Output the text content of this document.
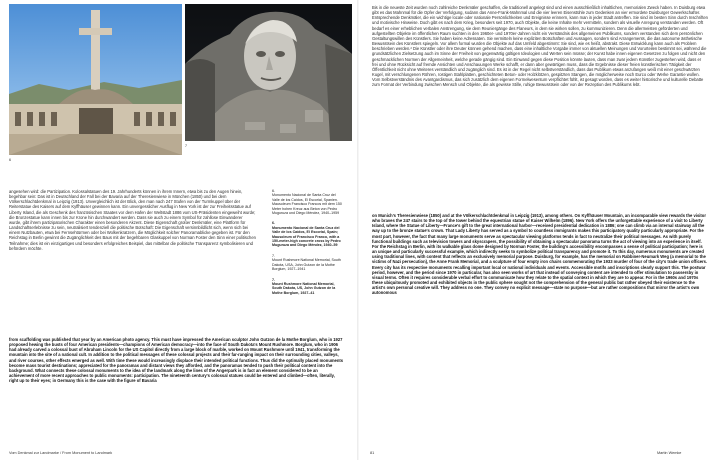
6
7

angesehen wird: die Partizipation. Kolossalstatuen des 19. Jahrhunderts können in ihrem Innern, etwa bis zu den Augen hinein, begehbar sein: Das ist in Deutschland der Fall bei der Bavaria auf der Theresienwiese in München (1850) und bei dem Völkerschlachtdenkmal in Leipzig (1913). Unvergleichlich ist der Blick, den man nach 247 Stufen von der Turmkuppel über der Reiterstatue des Kaisers auf dem Kyffhäuser gewinnen kann. Ein unvergesslicher Ausflug in New York ist der zur Freiheitsstatue auf Liberty Island, die als Geschenk des französischen Staates vor dem Hafen der Weltstadt 1886 vom US-Präsidenten eingeweiht wurde; die Bronzestatue kann innen bis zur Krone hin durchwandert werden. Dass sie auch zu einem Symbol für zahllose Einwanderer wurde, gibt ihrem partizipatorischen Charakter einen besonderen Akzent. Diese Eigenschaft großer Denkmäler, eine Plattform für Landschaftserlebnisse zu sein, neutralisiert tendenziell die politische Botschaft: Die Eigenschaft versinnbildlicht sich, wenn sich bei einem Nutzbauten, etwa bei Fernsehtürmen oder bei Wolkenkratzern, die Möglichkeit solcher Panoramablicke gegeben ist. Für den Reichstag in Berlin gewinnt die Zugänglichkeit des Baus mit der begehbaren Glaskuppel von Norman Foster den Sinn einer politischen Teilnahme; dies ist ein einzigartiges und besonders erfolgreiches Beispiel, das mittelbar die politische Transparenz symbolisieren und befördern möchte.

6.
Monumento Nacional de Santa Cruz del Valle de los Caídos, El Escorial, Spanien. Mausoleum Francisco Francos mit dem 150 Meter hohen Kreuz aus Beton von Pedro Muguruza und Diego Méndez, 1940–1959
6.
Monumento Nacional de Santa Cruz del Valle de los Caídos, El Escorial, Spain; Mausoleum of Francisco Franco, with a 150-meter-high concrete cross by Pedro Muguruza and Diego Méndez, 1940–59
7.
Mount Rushmore National Memorial, South Dakota, USA, John Gutzon de la Mothe Borglum, 1927–1941
7.
Mount Rushmore National Memorial, South Dakota, US, John Gutzon de la Mothe Borglum, 1927–41

from scaffolding was published that year by an American photo agency. This must have impressed the American sculptor John Gutzon de la Mothe Borglum, who in 1927 proposed hewing the busts of four American presidents—champions of American democracy—into the face of South Dakota's Mount Rushmore. Borglum, who in 1906 had already carved a colossal bust of Abraham Lincoln for the US Capitol directly from a large block of marble, worked on Mount Rushmore until 1941, transforming the mountain into the site of a national cult. In addition to the political messages of these colossal projects and their far-ranging impact on their surrounding cities, valleys, and river courses, other effects emerged as well. With time these would increasingly displace their intended political functions. Thus did the optimally placed monuments become mass tourist destinations; appreciated for the panoramas and distant views they afforded, and the panoramas tended to push their political content into the background. What connects these colossal monuments to the idea of the landmark along the lines of the Angerpark is in fact an element considered to be an achievement of more recent approaches to public monuments: participation. The nineteenth century's colossal statues could be entered and climbed—often, literally, right up to their eyes; in Germany this is the case with the figure of Bavaria

Bis in die neueste Zeit wurden noch zahlreiche Denkmäler geschaffen, die traditionell angelegt sind und einen ausschließlich inhaltlichen, memorialen Zweck haben. In Duisburg etwa gibt es das Mahnmal für die Opfer der Verfolgung, sodann das Anne-Frank-Mahnmal und die vier leeren Eisenstühle zum Gedenken an vier ermordete Duisburger Gewerkschafter. Entsprechende Denkmäler, die ein wichtige locale oder nationale Persönlichkeiten und Ereignisse erinnern, kann man in jeder Stadt antreffen. Sie sind im besten Sinn durch Inschriften und motivische Hinweise. Doch gibt es nach dem Krieg, besonders seit 1970, auch Objekte, die keine Inhalte mehr vermitteln, sondern als visuelle Anregung verstanden werden. Oft bedarf es einer erheblichen verbalen Anstrengung, sie dem Reuniergänge des Flaneurs, in dem sie wirken sollen, zu kommunizieren. Denn die allermeisten geförderten und aufgestellten Objekte im öffentlichen Raum suchten in den 1960er- und 1970er-Jahren nicht ein Verständnis des allgemeinen Publikums, sondern verstanden sich dem persönlichen Gestaltungswillen des Künstlers. Sie haben keine Adressaten. Sie vermitteln keine expliziten Botschaften und Aussagen, sondern sind Arrangements, die das autonome ästhetische Bewusstsein des Künstlers spiegeln. Vor allem formal wurden die Objekte auf das Umfeld abgestimmt: Sie sind, wie es heißt, abstrakt. Diese Entwicklung kann auch als Problem beschrieben werden.² Die Künstler oder ihre Deuter können gehend machen, dass eine inhaltliche Vorgabe immer von aktuellen Meinungen und Vorurteilen bestimmt sei, während die grundsätzlichen Zielsetzung auch im Sinne der Freiheit von gegenwärtig gültigen Ideologien und Werten sein müsse; der Kunst habe innen eigenen Gesetzen zu folgen und nicht den geschmacklichen Normen der Allgemeinheit, welche gerade gängig sind. Ein Einwand gegen diese Position könnte lauten, dass man zwar jedem Künstler zugestehen wird, dass er frei und ohne Rücksicht auf fremde Ansichten und Anschauungen Werke schafft, er dann aber gewärtigen muss, dass die Ergebnisse dieser freien künstlerischen Tätigkeit der Öffentlichkeit nicht ohne Weiteres verständlich und zugänglich sind. Es ist in der Regel nicht selbstverständlich, dass das Publikum etwas anzufangen weiß mit einer geschwärzten Kugel, mit verschlungenen Röhren, rostigen Stahlplatten, geschichteten Beton- oder Holzklötzen, gespitzten Stangen, die möglicherweise noch Eurco oder Werke Garantie wollen. Vom Selbstverständnis des Avantgardismus, das sich zusätzlich dem eigenen Formelwesentum verpflichtet fühlt, ist gesagt worden, dass es weiter historische und kulturelle Debatte zum Format der Verbindung zwischen Mensch und Objekte, die als gewisse Stille, ruhige Bewusstsein oder von der Rezeption des Publikums lebt.

on Munich's Theresienwiese (1850) and at the Völkerschlachtdenkmal in Leipzig (1913), among others. On Kyffhäuser Mountain, an incomparable view rewards the visitor who braves the 247 stairs to the top of the tower behind the equestrian statue of Kaiser Wilhelm (1896). New York offers the unforgettable experience of a visit to Liberty Island, where the Statue of Liberty—France's gift to the great international harbor—received presidential dedication in 1886; one can climb via an internal stairway all the way up to the bronze statue's crown. That Lady Liberty has served as a symbol to countless immigrants makes this participatory quality particularly appropriate. For the most part, however, the fact that many large monuments serve as spectacular viewing platforms tends in fact to neutralize their political messages. As with purely functional buildings such as television towers and skyscrapers, the possibility of obtaining a spectacular panorama turns the act of viewing into an experience in itself. For the Reichstag in Berlin, with its walkable glass dome designed by Norman Foster, the building's accessibility encompasses a sense of political participation; here is an unique and particularly successful example, which indirectly seeks to symbolize political transparency and promote it. To this day, numerous monuments are created using traditional lines, with content that reflects an exclusively memorial purpose. Duisburg, for example, has the memorial on Rabbiner-Neumark Weg (a memorial to the victims of Nazi persecution), the Anne Frank Memorial, and a sculpture of four empty iron chairs commemorating the 1933 murder of four of the city's trade union officers. Every city has its respective monuments recalling important local or national individuals and events. Accessible motifs and inscriptions clearly support this. The postwar period, however, and the period since 1970 in particular, has also seen works of art that instead of conveying content are intended to offer stimulation to passersby in visual terms. Often it requires considerable verbal effort to communicate how they relate to the spatial context in which they are to appear. For in the 1960s and 1970s these ubiquitously promoted and exhibited objects in the public sphere sought not the comprehension of the general public but rather obeyed their existence to the artist's own personal creative will. They address no one. They convey no explicit message—state no purpose—but are rather compositions that mirror the artist's own autonomous

Vom Denkmal zur Landmarke / From Monument to Landmark	81	Martin Wemke
